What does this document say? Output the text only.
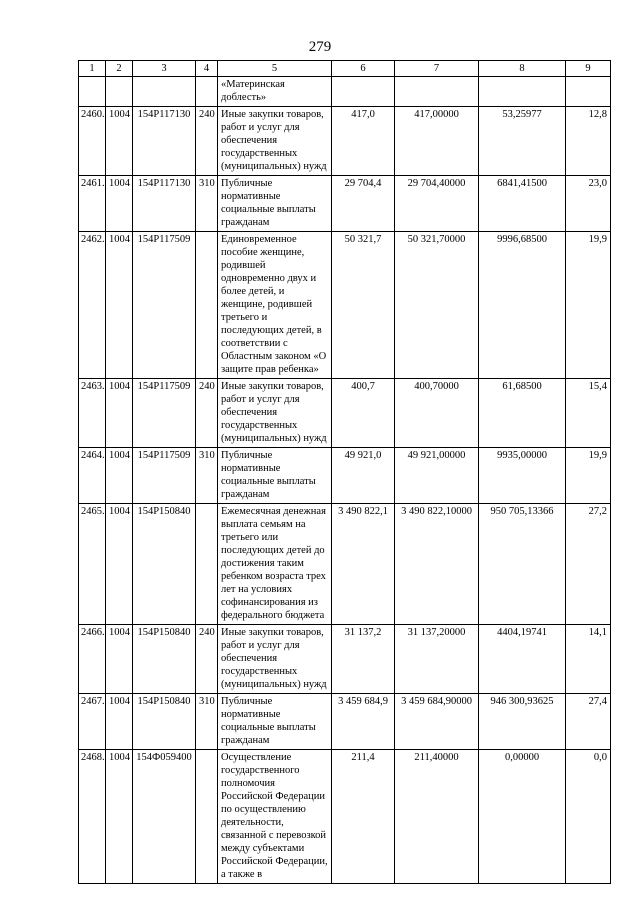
279
1	2	3	4	5	6	7	8	9
				«Материнская доблесть»				
2460.	1004	154P117130	240	Иные закупки товаров, работ и услуг для обеспечения государственных (муниципальных) нужд	417,0	417,00000	53,25977	12,8
2461.	1004	154P117130	310	Публичные нормативные социальные выплаты гражданам	29 704,4	29 704,40000	6841,41500	23,0
2462.	1004	154P117509		Единовременное пособие женщине, родившей одновременно двух и более детей, и женщине, родившей третьего и последующих детей, в соответствии с Областным законом «О защите прав ребенка»	50 321,7	50 321,70000	9996,68500	19,9
2463.	1004	154P117509	240	Иные закупки товаров, работ и услуг для обеспечения государственных (муниципальных) нужд	400,7	400,70000	61,68500	15,4
2464.	1004	154P117509	310	Публичные нормативные социальные выплаты гражданам	49 921,0	49 921,00000	9935,00000	19,9
2465.	1004	154P150840		Ежемесячная денежная выплата семьям на третьего или последующих детей до достижения таким ребенком возраста трех лет на условиях софинансирования из федерального бюджета	3 490 822,1	3 490 822,10000	950 705,13366	27,2
2466.	1004	154P150840	240	Иные закупки товаров, работ и услуг для обеспечения государственных (муниципальных) нужд	31 137,2	31 137,20000	4404,19741	14,1
2467.	1004	154P150840	310	Публичные нормативные социальные выплаты гражданам	3 459 684,9	3 459 684,90000	946 300,93625	27,4
2468.	1004	154Ф059400		Осуществление государственного полномочия Российской Федерации по осуществлению деятельности, связанной с перевозкой между субъектами Российской Федерации, а также в	211,4	211,40000	0,00000	0,0
